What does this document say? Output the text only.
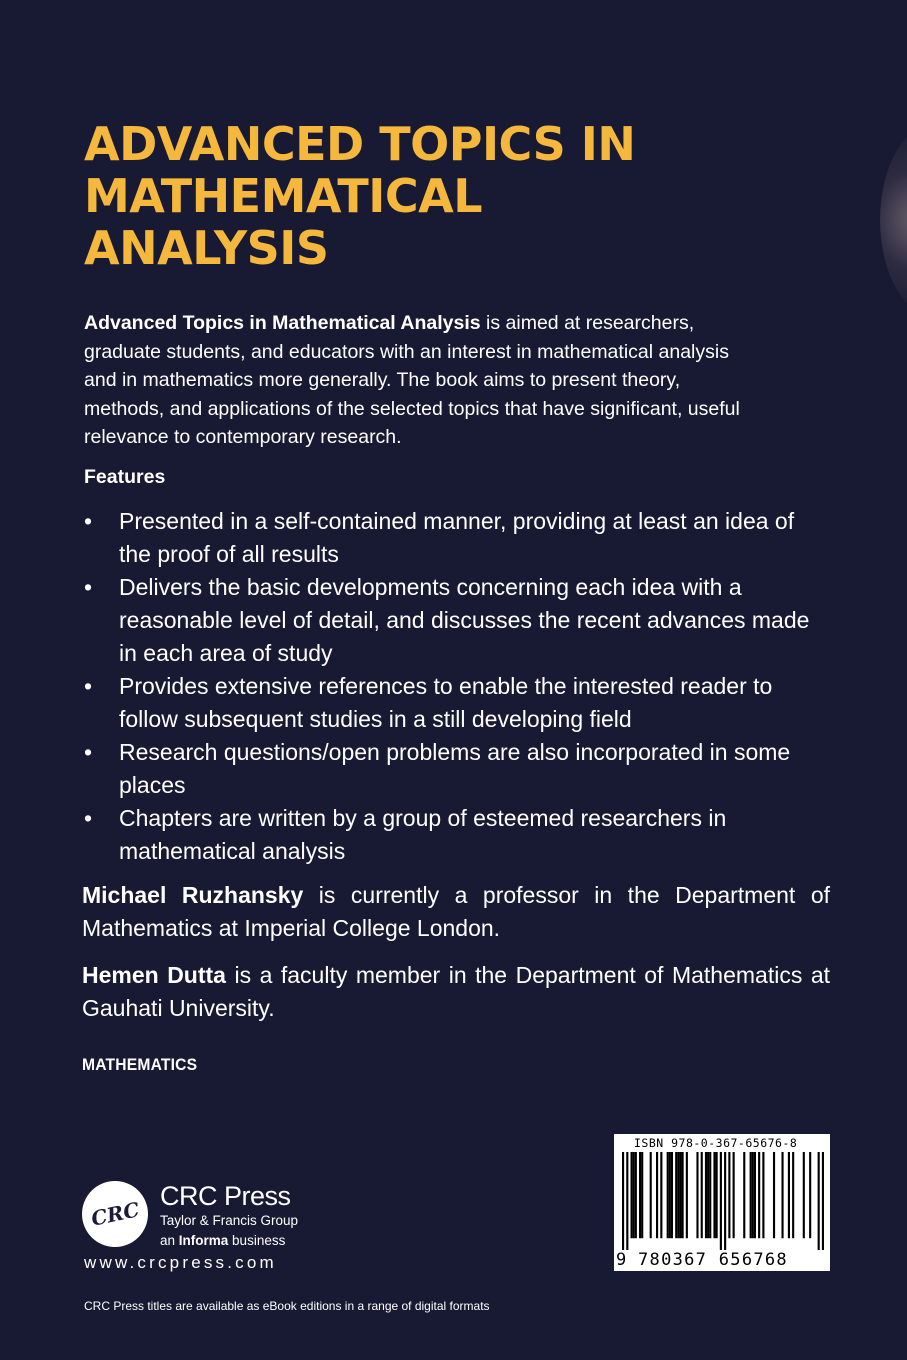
ADVANCED TOPICS IN
MATHEMATICAL
ANALYSIS

Advanced Topics in Mathematical Analysis is aimed at researchers, graduate students, and educators with an interest in mathematical analysis and in mathematics more generally. The book aims to present theory, methods, and applications of the selected topics that have significant, useful relevance to contemporary research.

Features

• Presented in a self-contained manner, providing at least an idea of the proof of all results
• Delivers the basic developments concerning each idea with a reasonable level of detail, and discusses the recent advances made in each area of study
• Provides extensive references to enable the interested reader to follow subsequent studies in a still developing field
• Research questions/open problems are also incorporated in some places
• Chapters are written by a group of esteemed researchers in mathematical analysis

Michael Ruzhansky is currently a professor in the Department of Mathematics at Imperial College London.

Hemen Dutta is a faculty member in the Department of Mathematics at Gauhati University.

MATHEMATICS

CRC

CRC Press

Taylor & Francis Group

an Informa business

www.crcpress.com

CRC Press titles are available as eBook editions in a range of digital formats

ISBN 978-0-367-65676-8
9 780367 656768
